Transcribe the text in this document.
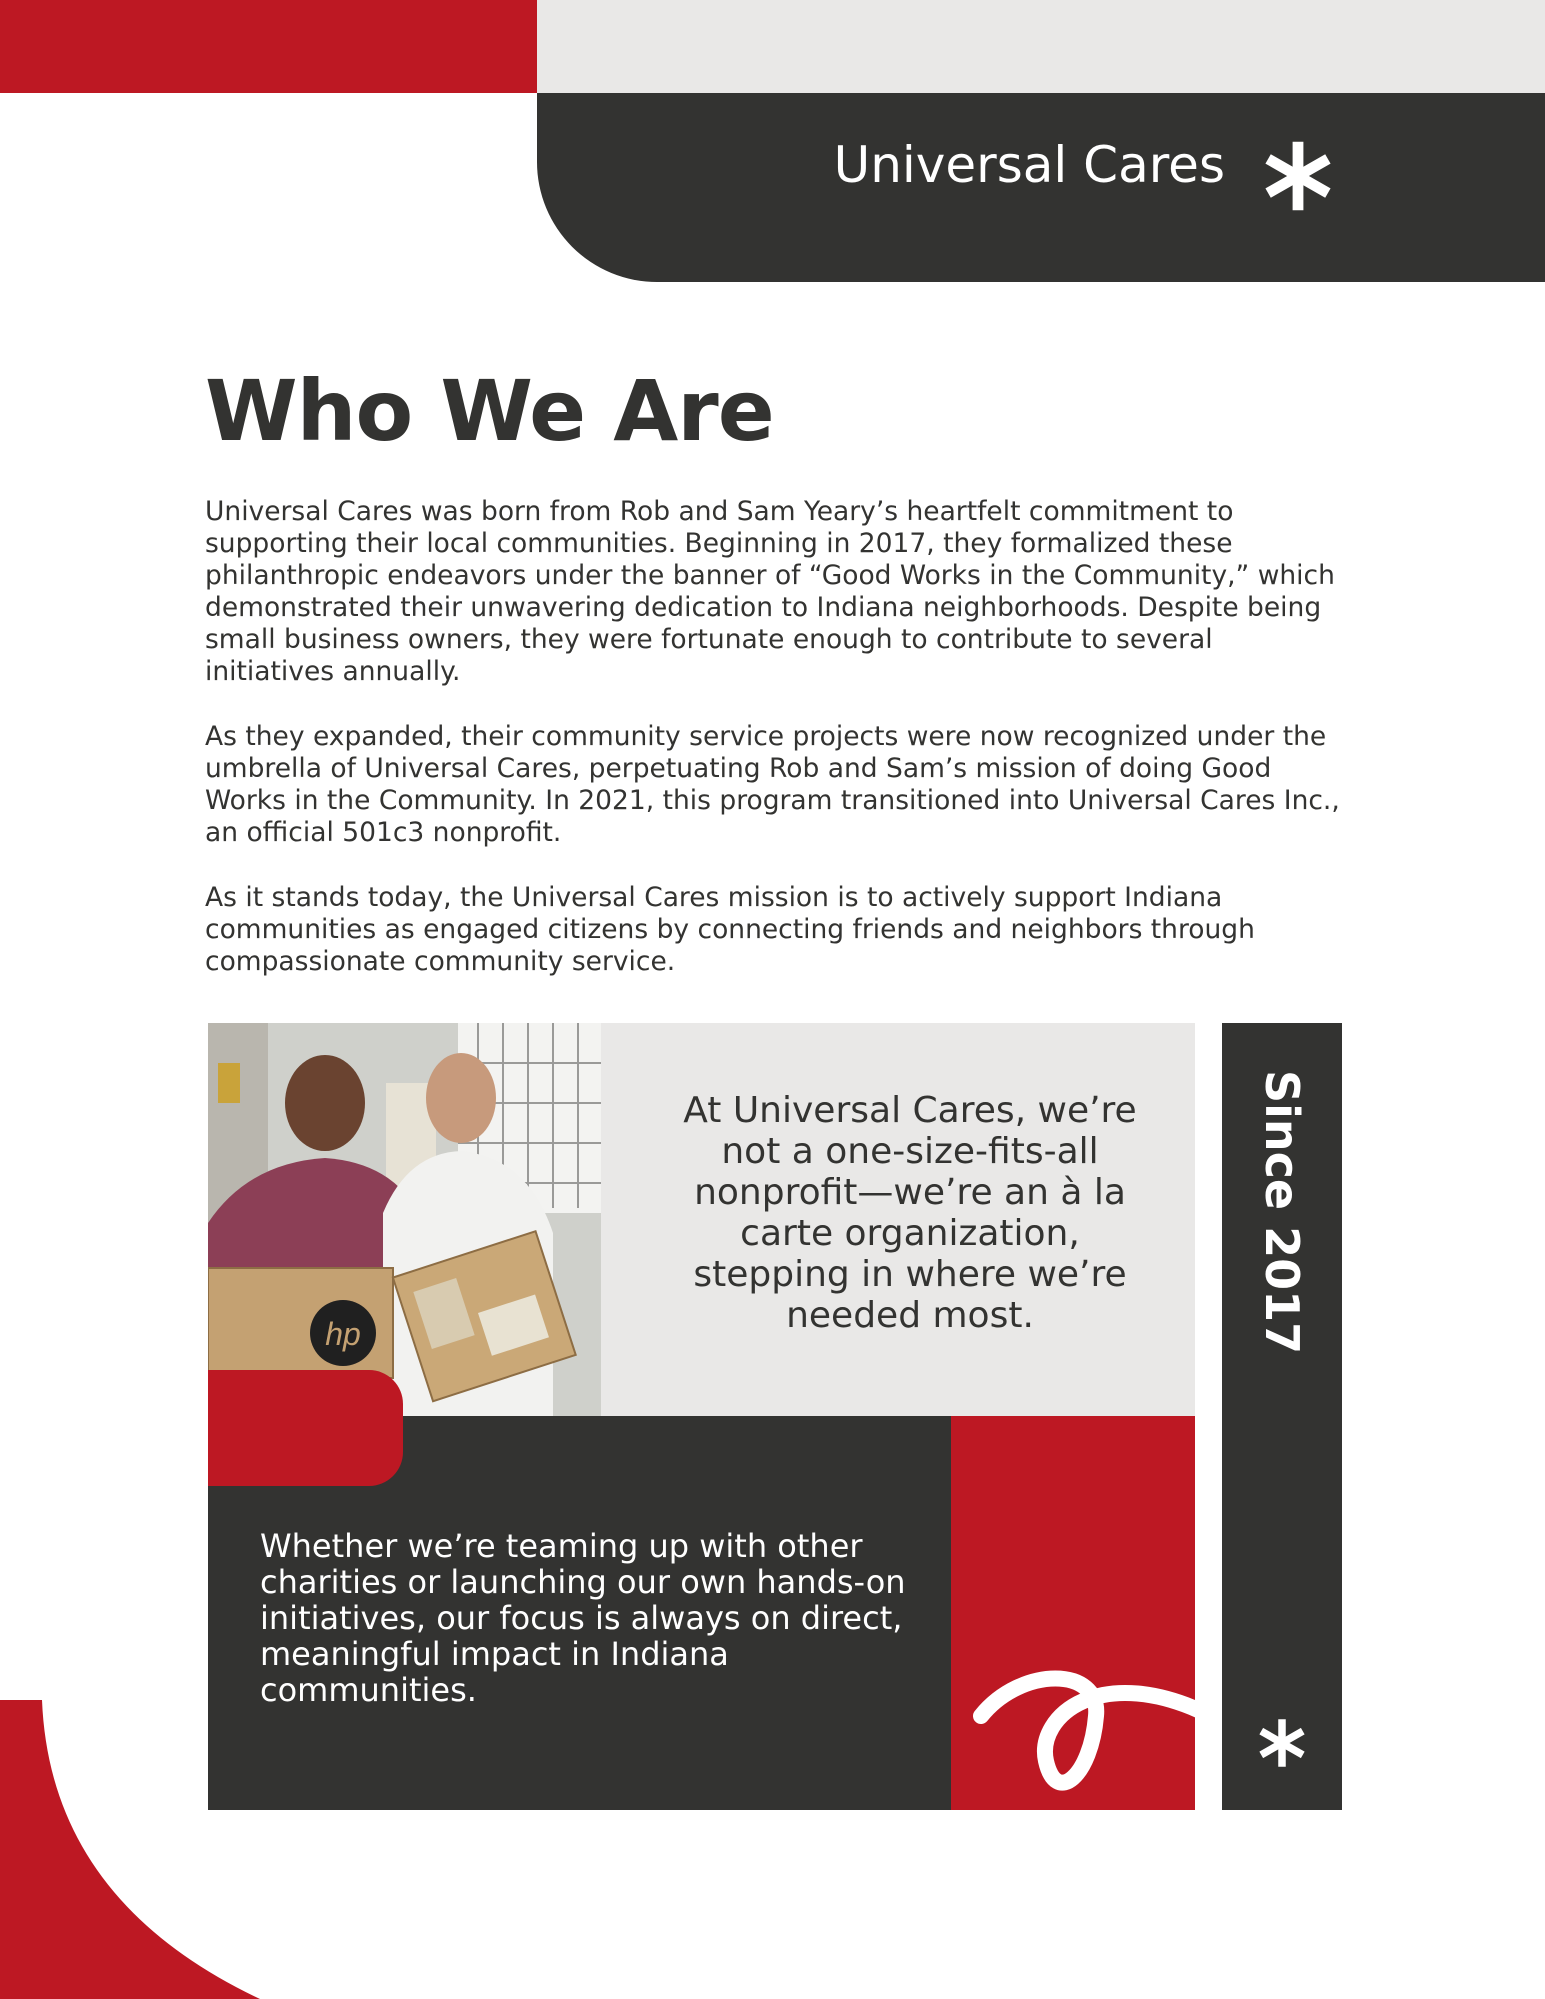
Universal Cares
Who We Are

Universal Cares was born from Rob and Sam Yeary’s heartfelt commitment to supporting their local communities. Beginning in 2017, they formalized these philanthropic endeavors under the banner of “Good Works in the Community,” which demonstrated their unwavering dedication to Indiana neighborhoods. Despite being small business owners, they were fortunate enough to contribute to several initiatives annually.

As they expanded, their community service projects were now recognized under the umbrella of Universal Cares, perpetuating Rob and Sam’s mission of doing Good Works in the Community. In 2021, this program transitioned into Universal Cares Inc., an official 501c3 nonprofit.

As it stands today, the Universal Cares mission is to actively support Indiana communities as engaged citizens by connecting friends and neighbors through compassionate community service.

hp
At Universal Cares, we’re not a one-size-fits-all nonprofit—we’re an à la carte organization, stepping in where we’re needed most.	Since 2017

Whether we’re teaming up with other charities or launching our own hands-on initiatives, our focus is always on direct, meaningful impact in Indiana communities.
